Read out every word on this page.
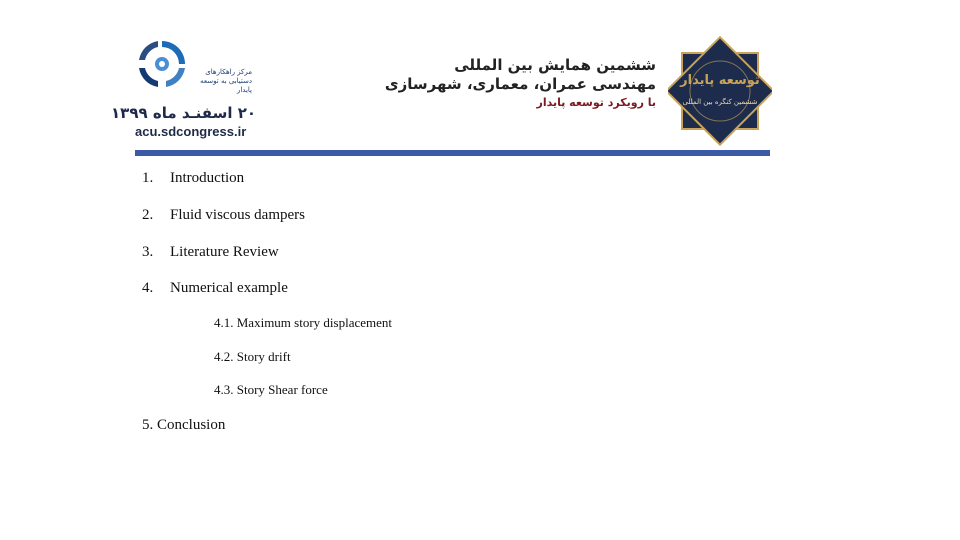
مرکز راهکارهای دستیابی به توسعه پایدار
۲۰ اسفنـد ماه ۱۳۹۹
acu.sdcongress.ir
ششمین همایش بین المللی
مهندسی عمران، معماری، شهرسازی
با رویکرد توسعه پایدار
توسعه پایدار
ششمین کنگره بین المللی
1. Introduction
2. Fluid viscous dampers
3. Literature Review
4. Numerical example
4.1. Maximum story displacement
4.2. Story drift
4.3. Story Shear force
5. Conclusion
